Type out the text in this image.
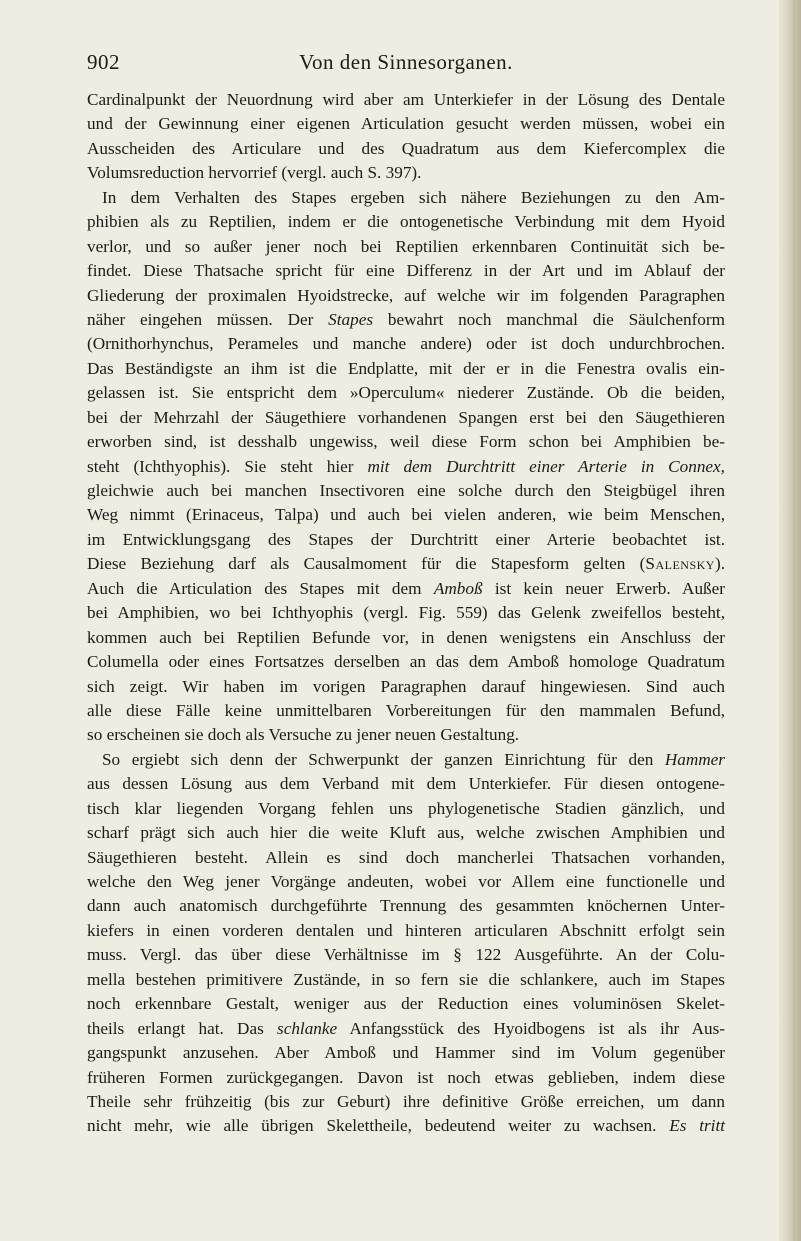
902	Von den Sinnesorganen.
Cardinalpunkt der Neuordnung wird aber am Unterkiefer in der Lösung des Dentale
und der Gewinnung einer eigenen Articulation gesucht werden müssen, wobei ein
Ausscheiden des Articulare und des Quadratum aus dem Kiefercomplex die
Volumsreduction hervorrief (vergl. auch S. 397).
In dem Verhalten des Stapes ergeben sich nähere Beziehungen zu den Am-
phibien als zu Reptilien, indem er die ontogenetische Verbindung mit dem Hyoid
verlor, und so außer jener noch bei Reptilien erkennbaren Continuität sich be-
findet. Diese Thatsache spricht für eine Differenz in der Art und im Ablauf der
Gliederung der proximalen Hyoidstrecke, auf welche wir im folgenden Paragraphen
näher eingehen müssen. Der Stapes bewahrt noch manchmal die Säulchenform
(Ornithorhynchus, Perameles und manche andere) oder ist doch undurchbrochen.
Das Beständigste an ihm ist die Endplatte, mit der er in die Fenestra ovalis ein-
gelassen ist. Sie entspricht dem »Operculum« niederer Zustände. Ob die beiden,
bei der Mehrzahl der Säugethiere vorhandenen Spangen erst bei den Säugethieren
erworben sind, ist desshalb ungewiss, weil diese Form schon bei Amphibien be-
steht (Ichthyophis). Sie steht hier mit dem Durchtritt einer Arterie in Connex,
gleichwie auch bei manchen Insectivoren eine solche durch den Steigbügel ihren
Weg nimmt (Erinaceus, Talpa) und auch bei vielen anderen, wie beim Menschen,
im Entwicklungsgang des Stapes der Durchtritt einer Arterie beobachtet ist.
Diese Beziehung darf als Causalmoment für die Stapesform gelten (Salensky).
Auch die Articulation des Stapes mit dem Amboß ist kein neuer Erwerb. Außer
bei Amphibien, wo bei Ichthyophis (vergl. Fig. 559) das Gelenk zweifellos besteht,
kommen auch bei Reptilien Befunde vor, in denen wenigstens ein Anschluss der
Columella oder eines Fortsatzes derselben an das dem Amboß homologe Quadratum
sich zeigt. Wir haben im vorigen Paragraphen darauf hingewiesen. Sind auch
alle diese Fälle keine unmittelbaren Vorbereitungen für den mammalen Befund,
so erscheinen sie doch als Versuche zu jener neuen Gestaltung.
So ergiebt sich denn der Schwerpunkt der ganzen Einrichtung für den Hammer
aus dessen Lösung aus dem Verband mit dem Unterkiefer. Für diesen ontogene-
tisch klar liegenden Vorgang fehlen uns phylogenetische Stadien gänzlich, und
scharf prägt sich auch hier die weite Kluft aus, welche zwischen Amphibien und
Säugethieren besteht. Allein es sind doch mancherlei Thatsachen vorhanden,
welche den Weg jener Vorgänge andeuten, wobei vor Allem eine functionelle und
dann auch anatomisch durchgeführte Trennung des gesammten knöchernen Unter-
kiefers in einen vorderen dentalen und hinteren articularen Abschnitt erfolgt sein
muss. Vergl. das über diese Verhältnisse im § 122 Ausgeführte. An der Colu-
mella bestehen primitivere Zustände, in so fern sie die schlankere, auch im Stapes
noch erkennbare Gestalt, weniger aus der Reduction eines voluminösen Skelet-
theils erlangt hat. Das schlanke Anfangsstück des Hyoidbogens ist als ihr Aus-
gangspunkt anzusehen. Aber Amboß und Hammer sind im Volum gegenüber
früheren Formen zurückgegangen. Davon ist noch etwas geblieben, indem diese
Theile sehr frühzeitig (bis zur Geburt) ihre definitive Größe erreichen, um dann
nicht mehr, wie alle übrigen Skelettheile, bedeutend weiter zu wachsen. Es tritt
